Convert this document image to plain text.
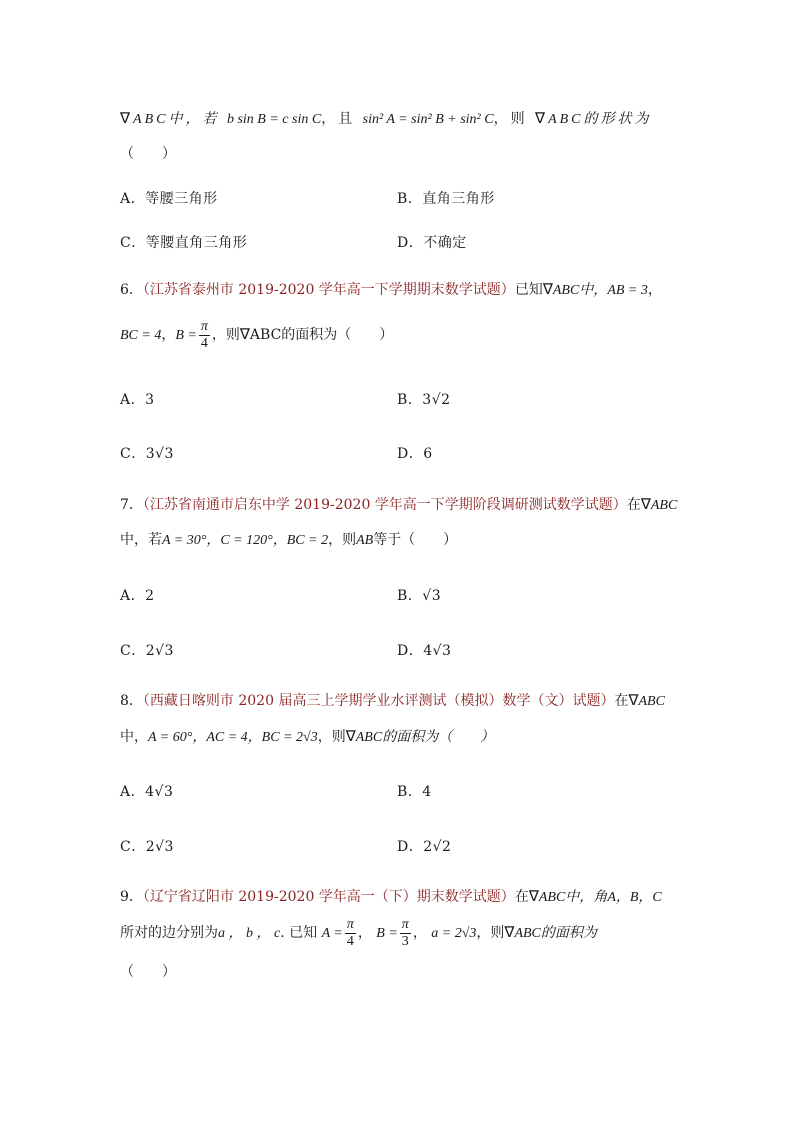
∇ABC中，若 b sin B = c sin C，且 sin² A = sin² B + sin² C，则 ∇ABC的形状为
（　　）
A．等腰三角形	B．直角三角形
C．等腰直角三角形	D．不确定
6．（江苏省泰州市 2019-2020 学年高一下学期期末数学试题）已知∇ABC中，AB = 3，
BC = 4，$B = \frac{\pi}{4}$ ，则∇ABC的面积为（　　）
A．3	B．3√2
C．3√3	D．6
7．（江苏省南通市启东中学 2019-2020 学年高一下学期阶段调研测试数学试题）在∇ABC
中，若A = 30°，C = 120°，BC = 2，则AB等于（　　）
A．2	B．√3
C．2√3	D．4√3
8．（西藏日喀则市 2020 届高三上学期学业水评测试（模拟）数学（文）试题）在∇ABC
中，A = 60°，AC = 4，BC = 2√3，则∇ABC的面积为（　　）
A．4√3	B．4
C．2√3	D．2√2
9．（辽宁省辽阳市 2019-2020 学年高一（下）期末数学试题）在∇ABC中，角A，B，C
所对的边分别为a ， b ， c. 已知 $A = \frac{\pi}{4}$ ， $B = \frac{\pi}{3}$ ， a = 2√3，则∇ABC的面积为
（　　）
